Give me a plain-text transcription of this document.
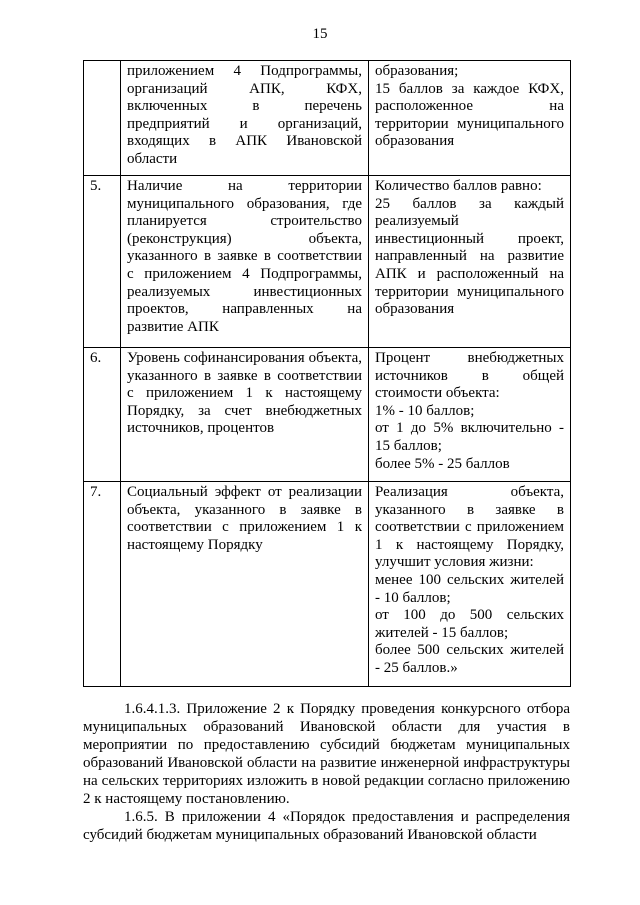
15
	приложением 4 Подпрограммы, организаций АПК, КФХ, включенных в перечень предприятий и организаций, входящих в АПК Ивановской области	образования;
15 баллов за каждое КФХ, расположенное на территории муниципального образования

5.	Наличие на территории муниципального образования, где планируется строительство (реконструкция) объекта, указанного в заявке в соответствии с приложением 4 Подпрограммы, реализуемых инвестиционных проектов, направленных на развитие АПК	Количество баллов равно:
25 баллов за каждый реализуемый инвестиционный проект, направленный на развитие АПК и расположенный на территории муниципального образования

6.	Уровень софинансирования объекта, указанного в заявке в соответствии с приложением 1 к настоящему Порядку, за счет внебюджетных источников, процентов	Процент внебюджетных источников в общей стоимости объекта:
1% - 10 баллов;
от 1 до 5% включительно - 15 баллов;
более 5% - 25 баллов

7.	Социальный эффект от реализации объекта, указанного в заявке в соответствии с приложением 1 к настоящему Порядку	Реализация объекта, указанного в заявке в соответствии с приложением 1 к настоящему Порядку, улучшит условия жизни:
менее 100 сельских жителей - 10 баллов;
от 100 до 500 сельских жителей - 15 баллов;
более 500 сельских жителей - 25 баллов.»

1.6.4.1.3. Приложение 2 к Порядку проведения конкурсного отбора муниципальных образований Ивановской области для участия в мероприятии по предоставлению субсидий бюджетам муниципальных образований Ивановской области на развитие инженерной инфраструктуры на сельских территориях изложить в новой редакции согласно приложению 2 к настоящему постановлению.

1.6.5. В приложении 4 «Порядок предоставления и распределения субсидий бюджетам муниципальных образований Ивановской области
